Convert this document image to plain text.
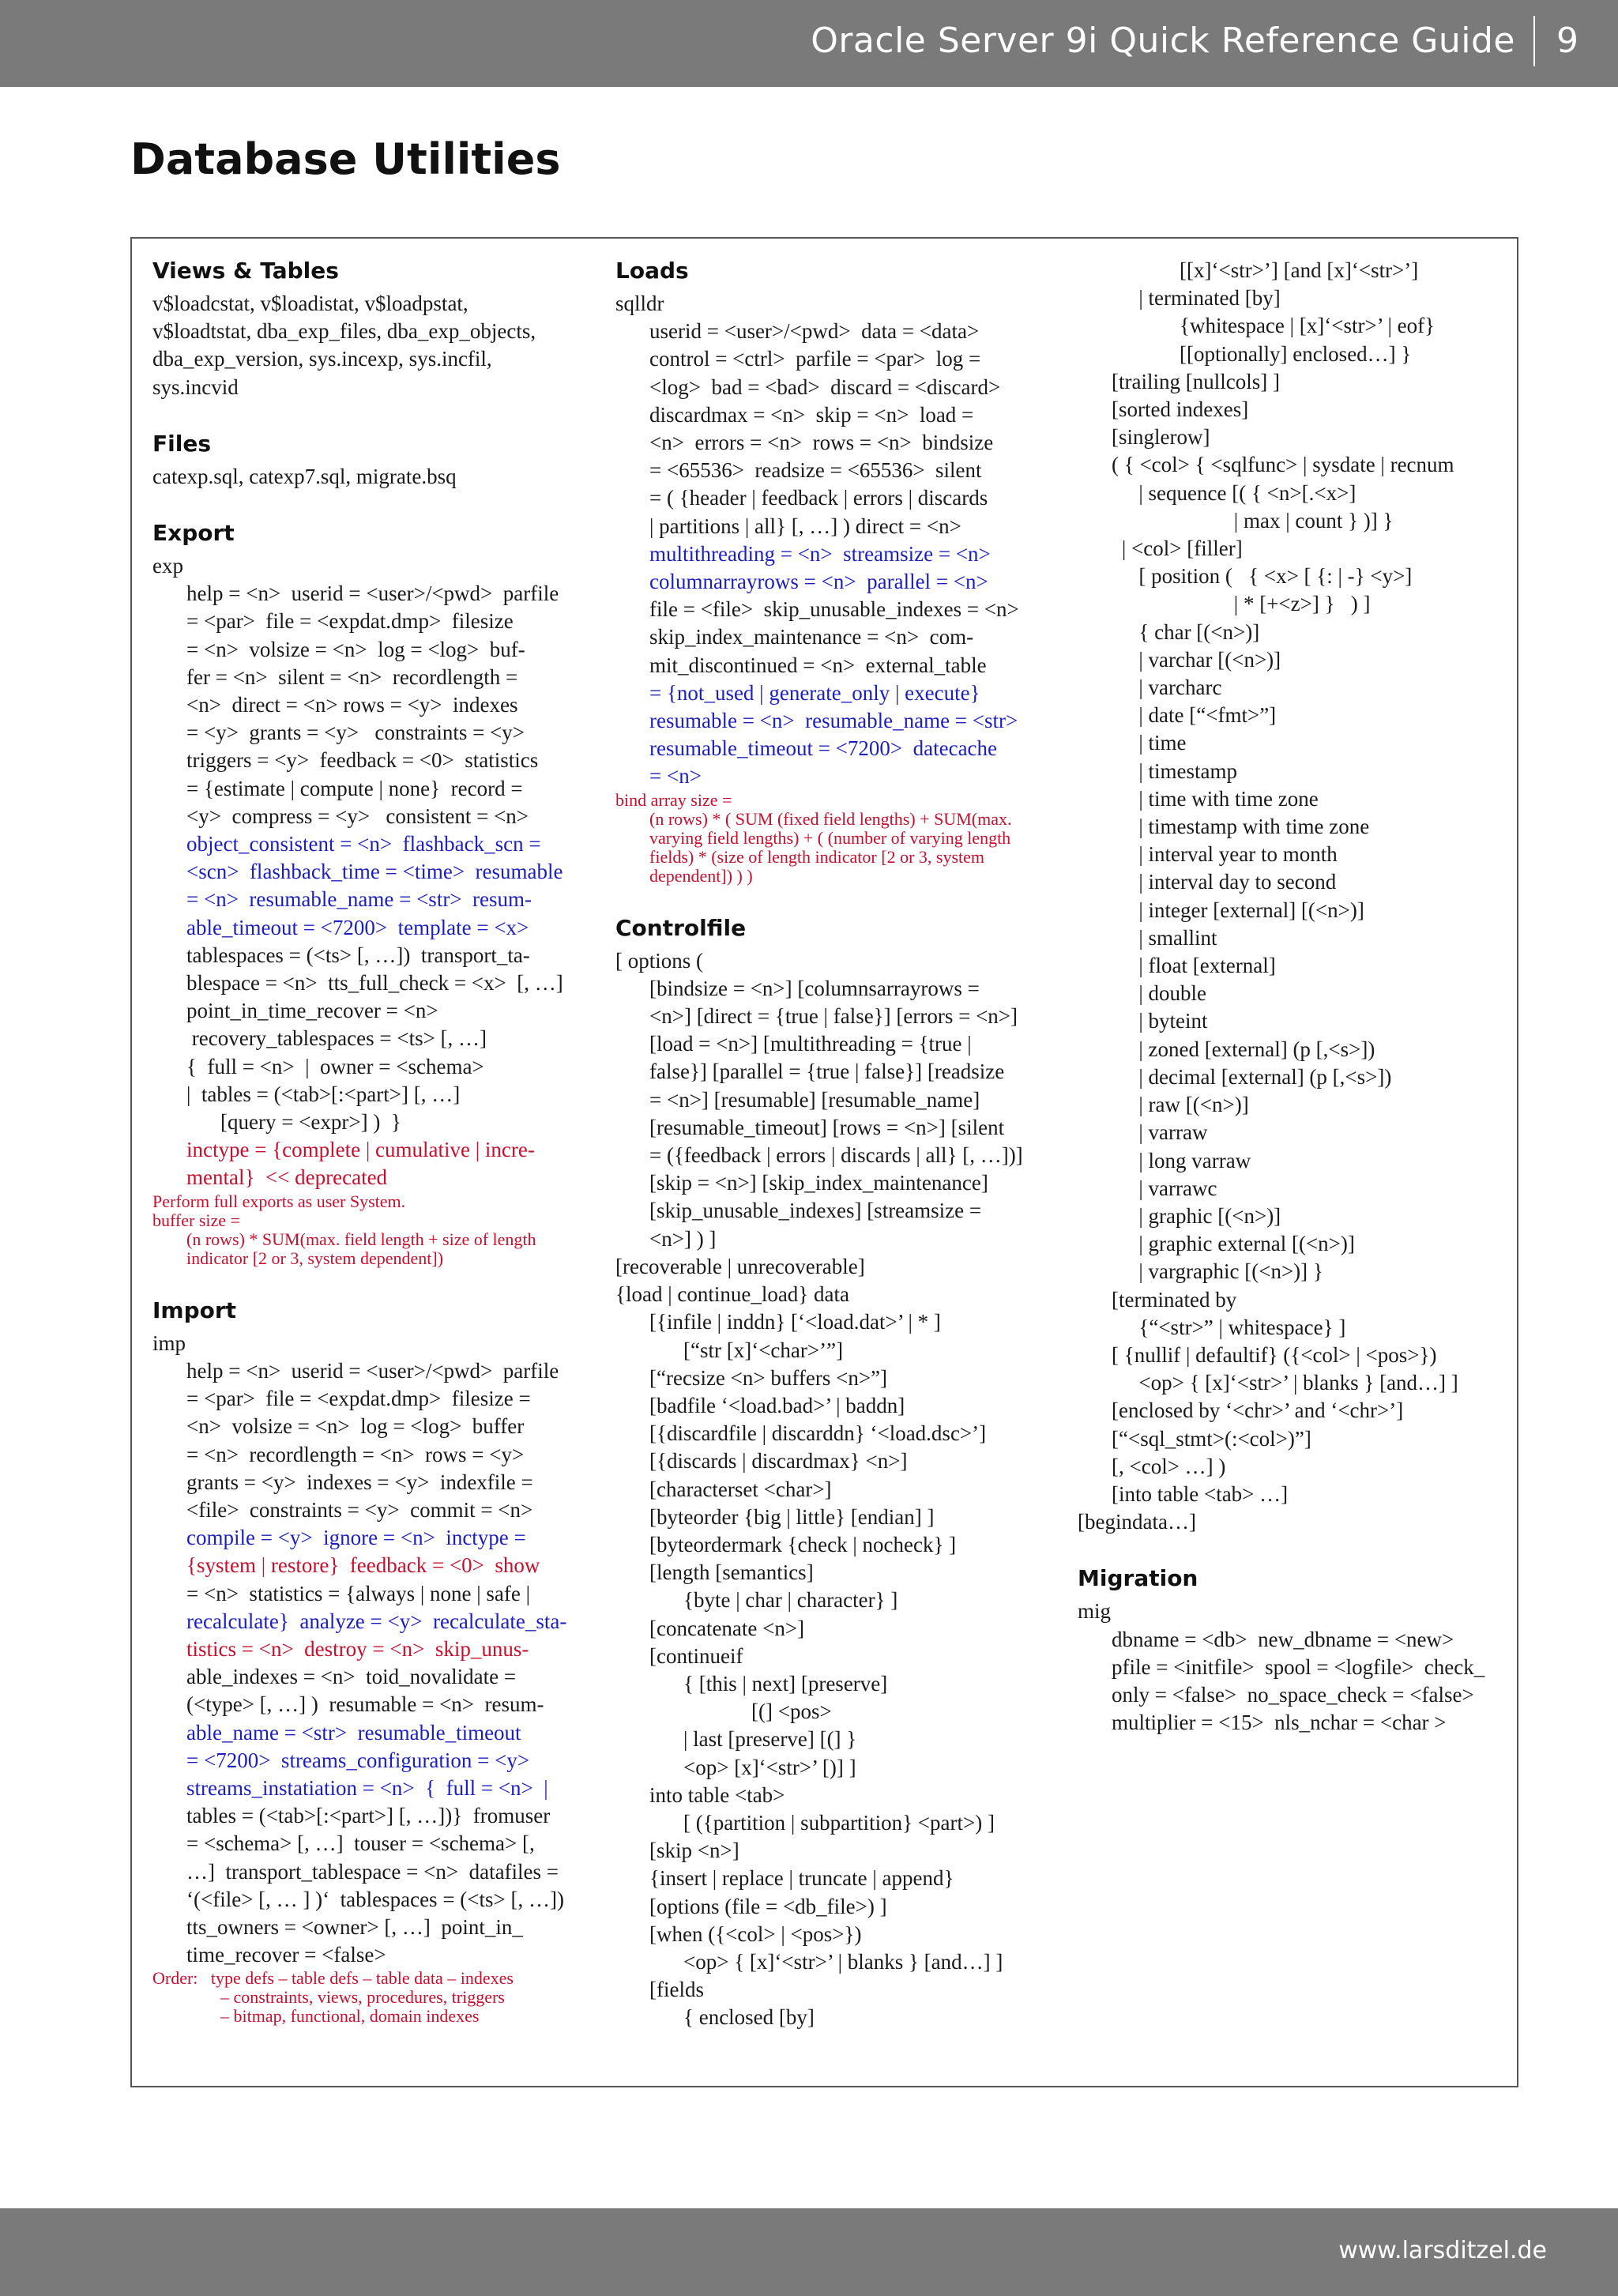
Oracle Server 9i Quick Reference Guide 9
Database Utilities
Views & Tables
v$loadcstat, v$loadistat, v$loadpstat,
v$loadtstat, dba_exp_files, dba_exp_objects,
dba_exp_version, sys.incexp, sys.incfil,
sys.incvid
Files
catexp.sql, catexp7.sql, migrate.bsq
Export
exp
help = <n>  userid = <user>/<pwd>  parfile
= <par>  file = <expdat.dmp>  filesize
= <n>  volsize = <n>  log = <log>  buf-
fer = <n>  silent = <n>  recordlength =
<n>  direct = <n> rows = <y>  indexes
= <y>  grants = <y>   constraints = <y>
triggers = <y>  feedback = <0>  statistics
= {estimate | compute | none}  record =
<y>  compress = <y>   consistent = <n>
object_consistent = <n>  flashback_scn =
<scn>  flashback_time = <time>  resumable
= <n>  resumable_name = <str>  resum-
able_timeout = <7200>  template = <x>
tablespaces = (<ts> [, …])  transport_ta-
blespace = <n>  tts_full_check = <x>  [, …]
point_in_time_recover = <n>
recovery_tablespaces = <ts> [, …]
{  full = <n>  |  owner = <schema>
|  tables = (<tab>[:<part>] [, …]
[query = <expr>] )  }
inctype = {complete | cumulative | incre-
mental}  << deprecated
Perform full exports as user System.
buffer size =
(n rows) * SUM(max. field length + size of length
indicator [2 or 3, system dependent])
Import
imp
help = <n>  userid = <user>/<pwd>  parfile
= <par>  file = <expdat.dmp>  filesize =
<n>  volsize = <n>  log = <log>  buffer
= <n>  recordlength = <n>  rows = <y>
grants = <y>  indexes = <y>  indexfile =
<file>  constraints = <y>  commit = <n>
compile = <y>  ignore = <n>  inctype =
{system | restore}  feedback = <0>  show
= <n>  statistics = {always | none | safe |
recalculate}  analyze = <y>  recalculate_sta-
tistics = <n>  destroy = <n>  skip_unus-
able_indexes = <n>  toid_novalidate =
(<type> [, …] )  resumable = <n>  resum-
able_name = <str>  resumable_timeout
= <7200>  streams_configuration = <y>
streams_instatiation = <n>  {  full = <n>  |
tables = (<tab>[:<part>] [, …])}  fromuser
= <schema> [, …]  touser = <schema> [,
…]  transport_tablespace = <n>  datafiles =
‘(<file> [, … ] )‘  tablespaces = (<ts> [, …])
tts_owners = <owner> [, …]  point_in_
time_recover = <false>
Order:   type defs – table defs – table data – indexes
– constraints, views, procedures, triggers
– bitmap, functional, domain indexes
Loads
sqlldr
userid = <user>/<pwd>  data = <data>
control = <ctrl>  parfile = <par>  log =
<log>  bad = <bad>  discard = <discard>
discardmax = <n>  skip = <n>  load =
<n>  errors = <n>  rows = <n>  bindsize
= <65536>  readsize = <65536>  silent
= ( {header | feedback | errors | discards
| partitions | all} [, …] ) direct = <n>
multithreading = <n>  streamsize = <n>
columnarrayrows = <n>  parallel = <n>
file = <file>  skip_unusable_indexes = <n>
skip_index_maintenance = <n>  com-
mit_discontinued = <n>  external_table
= {not_used | generate_only | execute}
resumable = <n>  resumable_name = <str>
resumable_timeout = <7200>  datecache
= <n>
bind array size =
(n rows) * ( SUM (fixed field lengths) + SUM(max.
varying field lengths) + ( (number of varying length
fields) * (size of length indicator [2 or 3, system
dependent]) ) )
Controlfile
[ options (
[bindsize = <n>] [columnsarrayrows =
<n>] [direct = {true | false}] [errors = <n>]
[load = <n>] [multithreading = {true |
false}] [parallel = {true | false}] [readsize
= <n>] [resumable] [resumable_name]
[resumable_timeout] [rows = <n>] [silent
= ({feedback | errors | discards | all} [, …])]
[skip = <n>] [skip_index_maintenance]
[skip_unusable_indexes] [streamsize =
<n>] ) ]
[recoverable | unrecoverable]
{load | continue_load} data
[{infile | inddn} [‘<load.dat>’ | * ]
[“str [x]‘<char>’”]
[“recsize <n> buffers <n>”]
[badfile ‘<load.bad>’ | baddn]
[{discardfile | discarddn} ‘<load.dsc>’]
[{discards | discardmax} <n>]
[characterset <char>]
[byteorder {big | little} [endian] ]
[byteordermark {check | nocheck} ]
[length [semantics]
{byte | char | character} ]
[concatenate <n>]
[continueif
{ [this | next] [preserve]
[(] <pos>
| last [preserve] [(] }
<op> [x]‘<str>’ [)] ]
into table <tab>
[ ({partition | subpartition} <part>) ]
[skip <n>]
{insert | replace | truncate | append}
[options (file = <db_file>) ]
[when ({<col> | <pos>})
<op> { [x]‘<str>’ | blanks } [and…] ]
[fields
{ enclosed [by]
[[x]‘<str>’] [and [x]‘<str>’]
| terminated [by]
{whitespace | [x]‘<str>’ | eof}
[[optionally] enclosed…] }
[trailing [nullcols] ]
[sorted indexes]
[singlerow]
( { <col> { <sqlfunc> | sysdate | recnum
| sequence [( { <n>[.<x>]
| max | count } )] }
| <col> [filler]
[ position (   { <x> [ {: | -} <y>]
| * [+<z>] }   ) ]
{ char [(<n>)]
| varchar [(<n>)]
| varcharc
| date [“<fmt>”]
| time
| timestamp
| time with time zone
| timestamp with time zone
| interval year to month
| interval day to second
| integer [external] [(<n>)]
| smallint
| float [external]
| double
| byteint
| zoned [external] (p [,<s>])
| decimal [external] (p [,<s>])
| raw [(<n>)]
| varraw
| long varraw
| varrawc
| graphic [(<n>)]
| graphic external [(<n>)]
| vargraphic [(<n>)] }
[terminated by
{“<str>” | whitespace} ]
[ {nullif | defaultif} ({<col> | <pos>})
<op> { [x]‘<str>’ | blanks } [and…] ]
[enclosed by ‘<chr>’ and ‘<chr>’]
[“<sql_stmt>(:<col>)”]
[, <col> …] )
[into table <tab> …]
[begindata…]
Migration
mig
dbname = <db>  new_dbname = <new>
pfile = <initfile>  spool = <logfile>  check_
only = <false>  no_space_check = <false>
multiplier = <15>  nls_nchar = <char >
www.larsditzel.de
